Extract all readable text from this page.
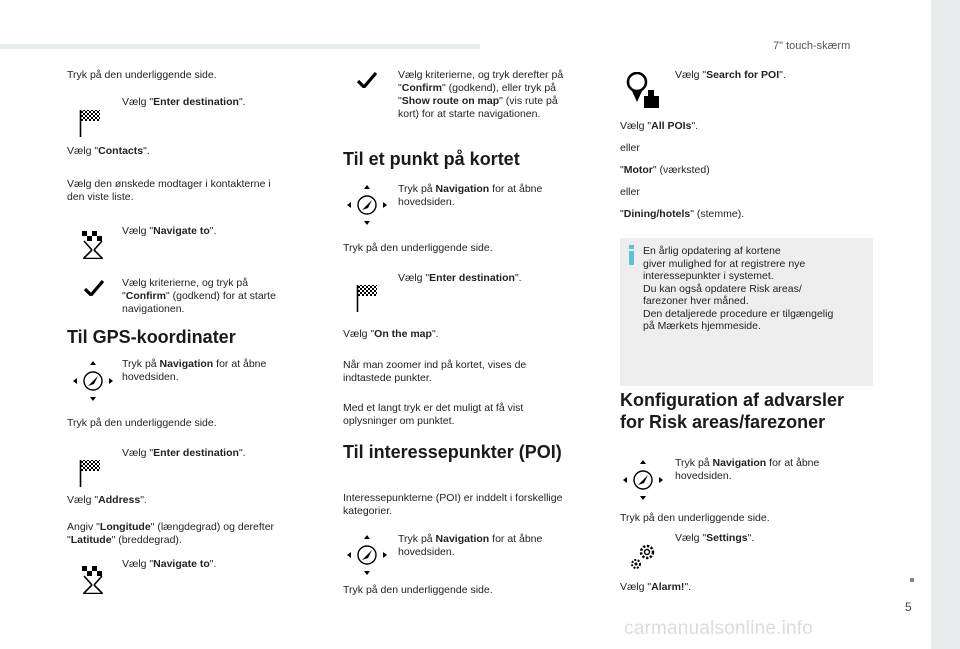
7" touch-skærm
5
carmanualsonline.info
Tryk på den underliggende side.
Vælg "Enter destination".
Vælg "Contacts".
Vælg den ønskede modtager i kontakterne i
den viste liste.
Vælg "Navigate to".
Vælg kriterierne, og tryk på
"Confirm" (godkend) for at starte
navigationen.
Til GPS-koordinater
Tryk på Navigation for at åbne
hovedsiden.
Tryk på den underliggende side.
Vælg "Enter destination".
Vælg "Address".
Angiv "Longitude" (længdegrad) og derefter
"Latitude" (breddegrad).
Vælg "Navigate to".
Vælg kriterierne, og tryk derefter på
"Confirm" (godkend), eller tryk på
"Show route on map" (vis rute på
kort) for at starte navigationen.
Til et punkt på kortet
Tryk på Navigation for at åbne
hovedsiden.
Tryk på den underliggende side.
Vælg "Enter destination".
Vælg "On the map".
Når man zoomer ind på kortet, vises de
indtastede punkter.
Med et langt tryk er det muligt at få vist
oplysninger om punktet.
Til interessepunkter (POI)
Interessepunkterne (POI) er inddelt i forskellige
kategorier.
Tryk på Navigation for at åbne
hovedsiden.
Tryk på den underliggende side.
Vælg "Search for POI".
Vælg "All POIs".
eller
"Motor" (værksted)
eller
"Dining/hotels" (stemme).
En årlig opdatering af kortene
giver mulighed for at registrere nye
interessepunkter i systemet.
Du kan også opdatere Risk areas/
farezoner hver måned.
Den detaljerede procedure er tilgængelig
på Mærkets hjemmeside.
Konfiguration af advarsler
for Risk areas/farezoner
Tryk på Navigation for at åbne
hovedsiden.
Tryk på den underliggende side.
Vælg "Settings".
Vælg "Alarm!".
